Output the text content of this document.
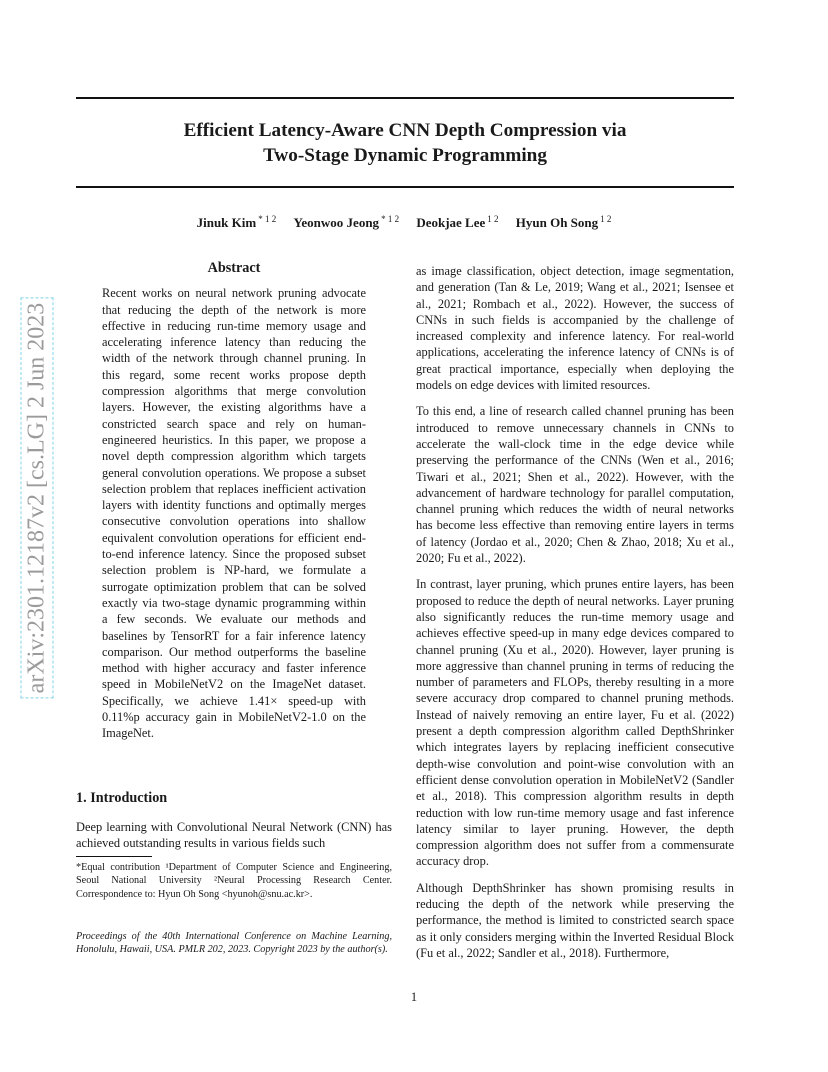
Efficient Latency-Aware CNN Depth Compression via
Two-Stage Dynamic Programming
Jinuk Kim $^{* 1 2}$ Yeonwoo Jeong $^{* 1 2}$ Deokjae Lee $^{1 2}$ Hyun Oh Song $^{1 2}$
arXiv:2301.12187v2 [cs.LG] 2 Jun 2023
Abstract
Recent works on neural network pruning advocate that reducing the depth of the network is more effective in reducing run-time memory usage and accelerating inference latency than reducing the width of the network through channel pruning. In this regard, some recent works propose depth compression algorithms that merge convolution layers. However, the existing algorithms have a constricted search space and rely on human-engineered heuristics. In this paper, we propose a novel depth compression algorithm which targets general convolution operations. We propose a subset selection problem that replaces inefficient activation layers with identity functions and optimally merges consecutive convolution operations into shallow equivalent convolution operations for efficient end-to-end inference latency. Since the proposed subset selection problem is NP-hard, we formulate a surrogate optimization problem that can be solved exactly via two-stage dynamic programming within a few seconds. We evaluate our methods and baselines by TensorRT for a fair inference latency comparison. Our method outperforms the baseline method with higher accuracy and faster inference speed in MobileNetV2 on the ImageNet dataset. Specifically, we achieve 1.41× speed-up with 0.11%p accuracy gain in MobileNetV2-1.0 on the ImageNet.
1. Introduction
Deep learning with Convolutional Neural Network (CNN) has achieved outstanding results in various fields such
*Equal contribution ¹Department of Computer Science and Engineering, Seoul National University ²Neural Processing Research Center. Correspondence to: Hyun Oh Song <hyunoh@snu.ac.kr>.
Proceedings of the 40th International Conference on Machine Learning, Honolulu, Hawaii, USA. PMLR 202, 2023. Copyright 2023 by the author(s).

as image classification, object detection, image segmentation, and generation (Tan & Le, 2019; Wang et al., 2021; Isensee et al., 2021; Rombach et al., 2022). However, the success of CNNs in such fields is accompanied by the challenge of increased complexity and inference latency. For real-world applications, accelerating the inference latency of CNNs is of great practical importance, especially when deploying the models on edge devices with limited resources.

To this end, a line of research called channel pruning has been introduced to remove unnecessary channels in CNNs to accelerate the wall-clock time in the edge device while preserving the performance of the CNNs (Wen et al., 2016; Tiwari et al., 2021; Shen et al., 2022). However, with the advancement of hardware technology for parallel computation, channel pruning which reduces the width of neural networks has become less effective than removing entire layers in terms of latency (Jordao et al., 2020; Chen & Zhao, 2018; Xu et al., 2020; Fu et al., 2022).

In contrast, layer pruning, which prunes entire layers, has been proposed to reduce the depth of neural networks. Layer pruning also significantly reduces the run-time memory usage and achieves effective speed-up in many edge devices compared to channel pruning (Xu et al., 2020). However, layer pruning is more aggressive than channel pruning in terms of reducing the number of parameters and FLOPs, thereby resulting in a more severe accuracy drop compared to channel pruning methods. Instead of naively removing an entire layer, Fu et al. (2022) present a depth compression algorithm called DepthShrinker which integrates layers by replacing inefficient consecutive depth-wise convolution and point-wise convolution with an efficient dense convolution operation in MobileNetV2 (Sandler et al., 2018). This compression algorithm results in depth reduction with low run-time memory usage and fast inference latency similar to layer pruning. However, the depth compression algorithm does not suffer from a commensurate accuracy drop.

Although DepthShrinker has shown promising results in reducing the depth of the network while preserving the performance, the method is limited to constricted search space as it only considers merging within the Inverted Residual Block (Fu et al., 2022; Sandler et al., 2018). Furthermore,

1
